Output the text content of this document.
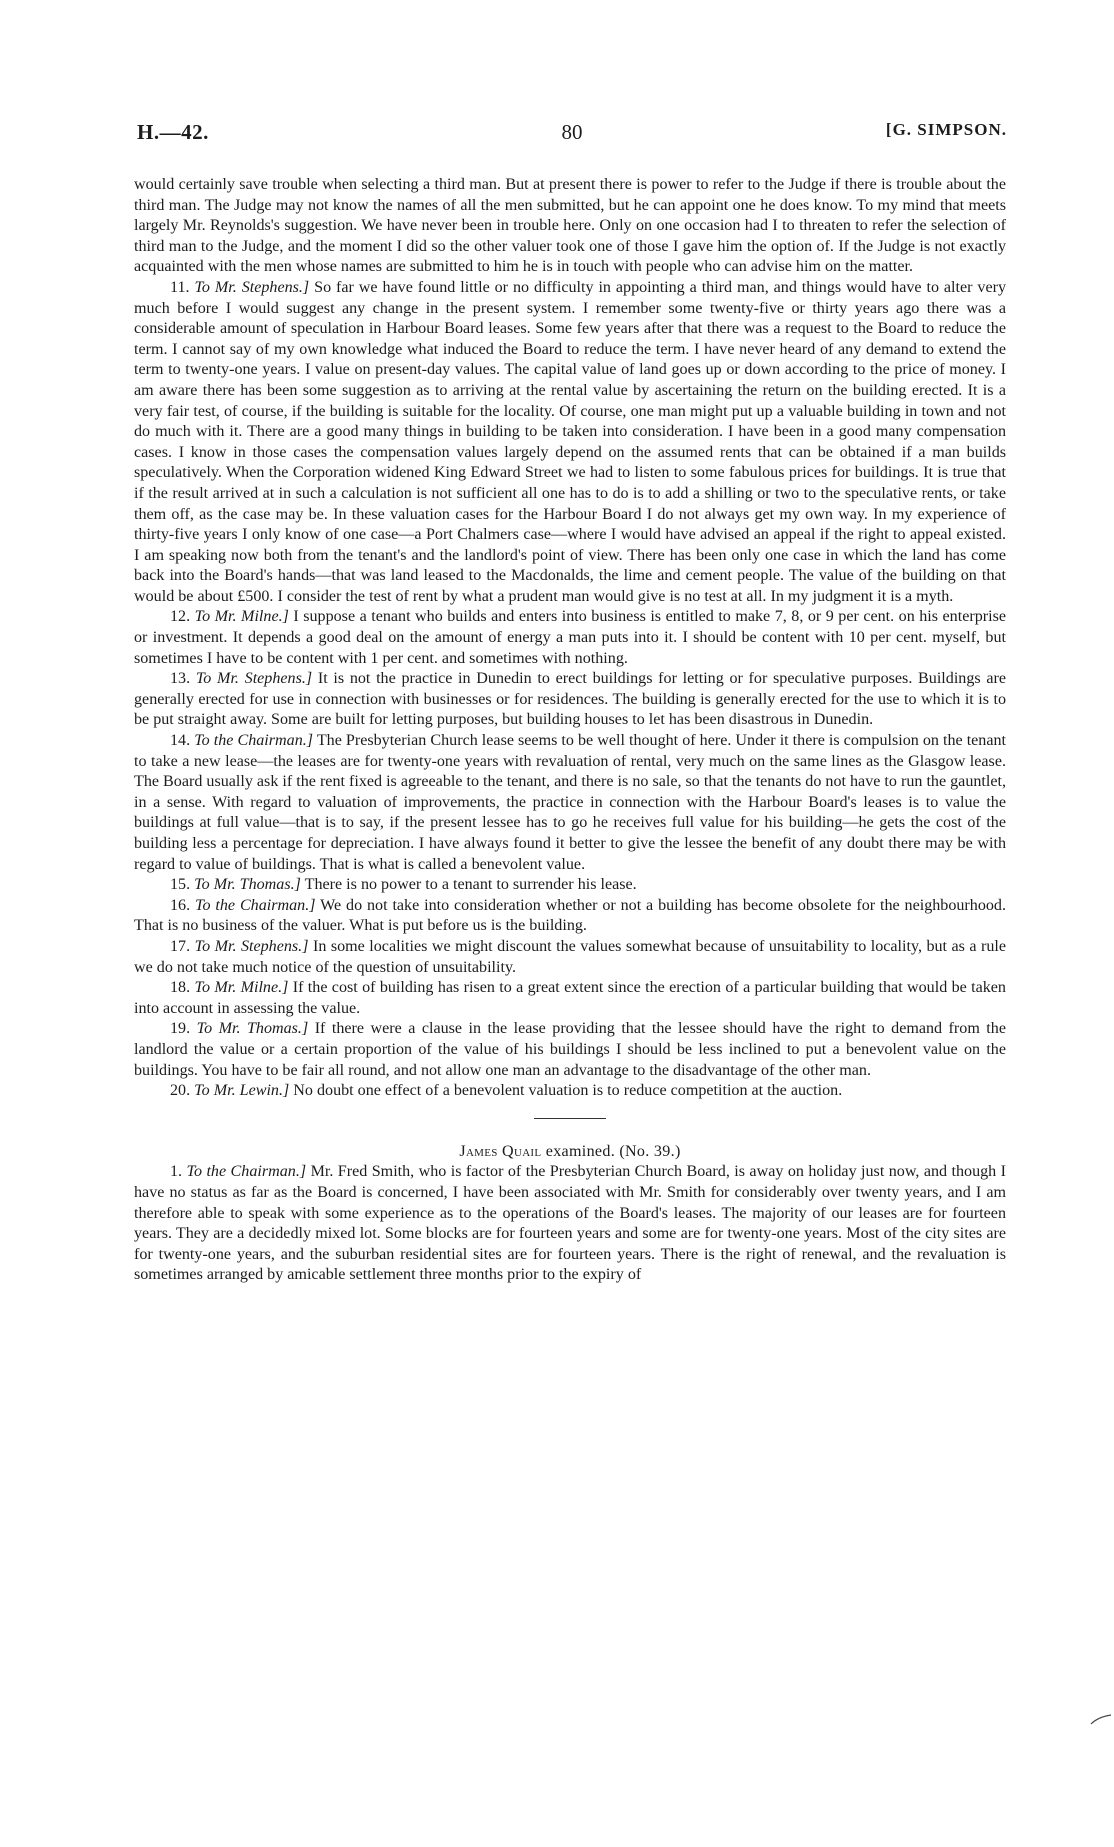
H.—42.	80	[G. SIMPSON.

would certainly save trouble when selecting a third man. But at present there is power to refer to the Judge if there is trouble about the third man. The Judge may not know the names of all the men submitted, but he can appoint one he does know. To my mind that meets largely Mr. Reynolds's suggestion. We have never been in trouble here. Only on one occasion had I to threaten to refer the selection of third man to the Judge, and the moment I did so the other valuer took one of those I gave him the option of. If the Judge is not exactly acquainted with the men whose names are submitted to him he is in touch with people who can advise him on the matter.

11. To Mr. Stephens.] So far we have found little or no difficulty in appointing a third man, and things would have to alter very much before I would suggest any change in the present system. I remember some twenty-five or thirty years ago there was a considerable amount of speculation in Harbour Board leases. Some few years after that there was a request to the Board to reduce the term. I cannot say of my own knowledge what induced the Board to reduce the term. I have never heard of any demand to extend the term to twenty-one years. I value on present-day values. The capital value of land goes up or down according to the price of money. I am aware there has been some suggestion as to arriving at the rental value by ascertaining the return on the building erected. It is a very fair test, of course, if the building is suitable for the locality. Of course, one man might put up a valuable building in town and not do much with it. There are a good many things in building to be taken into consideration. I have been in a good many compensation cases. I know in those cases the compensation values largely depend on the assumed rents that can be obtained if a man builds speculatively. When the Corporation widened King Edward Street we had to listen to some fabulous prices for buildings. It is true that if the result arrived at in such a calculation is not sufficient all one has to do is to add a shilling or two to the speculative rents, or take them off, as the case may be. In these valuation cases for the Harbour Board I do not always get my own way. In my experience of thirty-five years I only know of one case—a Port Chalmers case—where I would have advised an appeal if the right to appeal existed. I am speaking now both from the tenant's and the landlord's point of view. There has been only one case in which the land has come back into the Board's hands—that was land leased to the Macdonalds, the lime and cement people. The value of the building on that would be about £500. I consider the test of rent by what a prudent man would give is no test at all. In my judgment it is a myth.

12. To Mr. Milne.] I suppose a tenant who builds and enters into business is entitled to make 7, 8, or 9 per cent. on his enterprise or investment. It depends a good deal on the amount of energy a man puts into it. I should be content with 10 per cent. myself, but sometimes I have to be content with 1 per cent. and sometimes with nothing.

13. To Mr. Stephens.] It is not the practice in Dunedin to erect buildings for letting or for speculative purposes. Buildings are generally erected for use in connection with businesses or for residences. The building is generally erected for the use to which it is to be put straight away. Some are built for letting purposes, but building houses to let has been disastrous in Dunedin.

14. To the Chairman.] The Presbyterian Church lease seems to be well thought of here. Under it there is compulsion on the tenant to take a new lease—the leases are for twenty-one years with revaluation of rental, very much on the same lines as the Glasgow lease. The Board usually ask if the rent fixed is agreeable to the tenant, and there is no sale, so that the tenants do not have to run the gauntlet, in a sense. With regard to valuation of improvements, the practice in connection with the Harbour Board's leases is to value the buildings at full value—that is to say, if the present lessee has to go he receives full value for his building—he gets the cost of the building less a percentage for depreciation. I have always found it better to give the lessee the benefit of any doubt there may be with regard to value of buildings. That is what is called a benevolent value.

15. To Mr. Thomas.] There is no power to a tenant to surrender his lease.

16. To the Chairman.] We do not take into consideration whether or not a building has become obsolete for the neighbourhood. That is no business of the valuer. What is put before us is the building.

17. To Mr. Stephens.] In some localities we might discount the values somewhat because of unsuitability to locality, but as a rule we do not take much notice of the question of unsuitability.

18. To Mr. Milne.] If the cost of building has risen to a great extent since the erection of a particular building that would be taken into account in assessing the value.

19. To Mr. Thomas.] If there were a clause in the lease providing that the lessee should have the right to demand from the landlord the value or a certain proportion of the value of his buildings I should be less inclined to put a benevolent value on the buildings. You have to be fair all round, and not allow one man an advantage to the disadvantage of the other man.

20. To Mr. Lewin.] No doubt one effect of a benevolent valuation is to reduce competition at the auction.

James Quail examined. (No. 39.)

1. To the Chairman.] Mr. Fred Smith, who is factor of the Presbyterian Church Board, is away on holiday just now, and though I have no status as far as the Board is concerned, I have been associated with Mr. Smith for considerably over twenty years, and I am therefore able to speak with some experience as to the operations of the Board's leases. The majority of our leases are for fourteen years. They are a decidedly mixed lot. Some blocks are for fourteen years and some are for twenty-one years. Most of the city sites are for twenty-one years, and the suburban residential sites are for fourteen years. There is the right of renewal, and the revaluation is sometimes arranged by amicable settlement three months prior to the expiry of
